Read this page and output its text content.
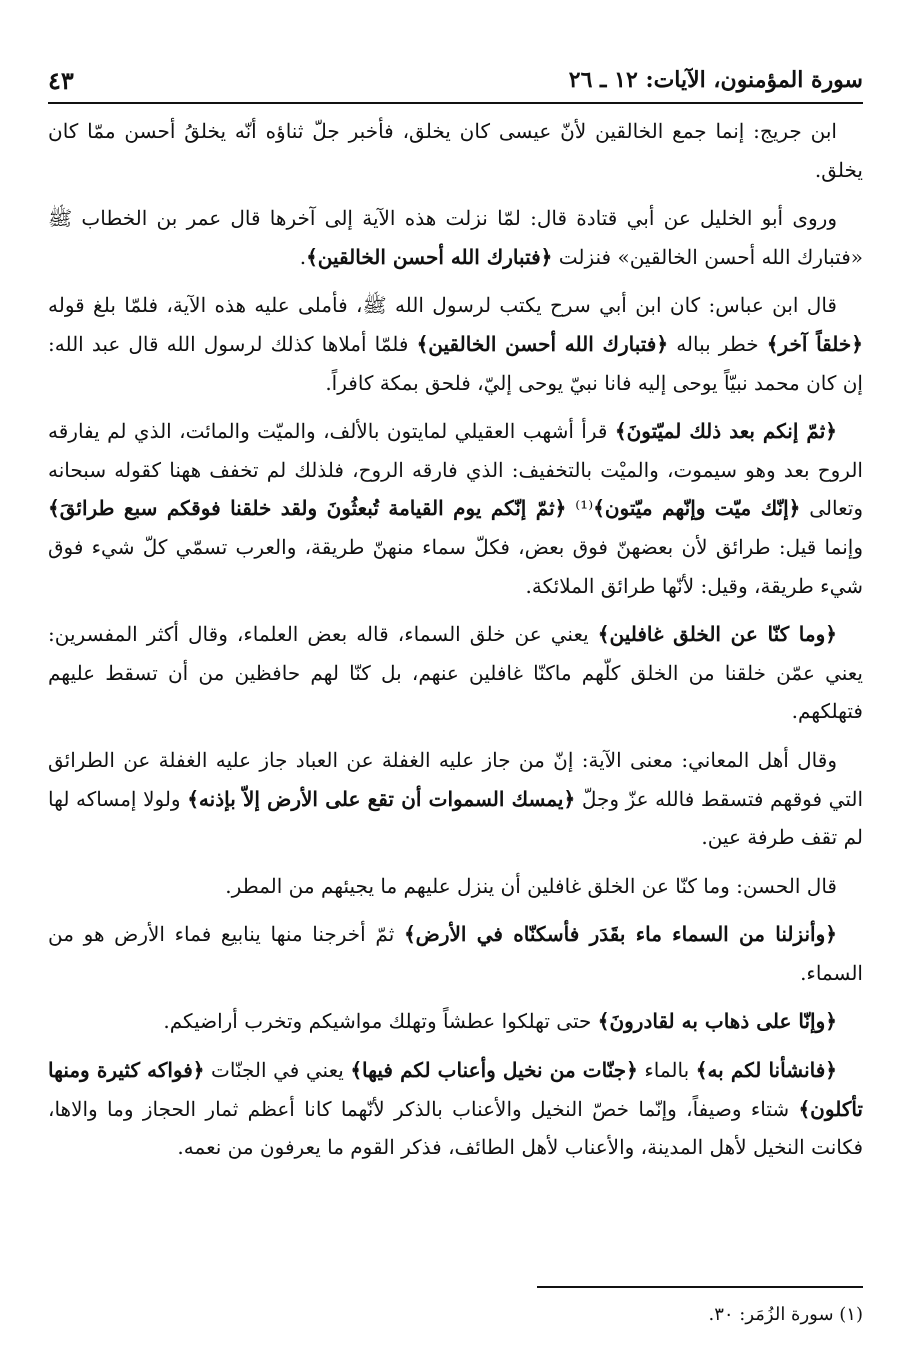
سورة المؤمنون، الآيات: ١٢ ـ ٢٦
٤٣

ابن جريج: إنما جمع الخالقين لأنّ عيسى كان يخلق، فأخبر جلّ ثناؤه أنّه يخلقُ أحسن ممّا كان يخلق.

وروى أبو الخليل عن أبي قتادة قال: لمّا نزلت هذه الآية إلى آخرها قال عمر بن الخطاب ﷺ «فتبارك الله أحسن الخالقين» فنزلت ﴿فتبارك الله أحسن الخالقين﴾.

قال ابن عباس: كان ابن أبي سرح يكتب لرسول الله ﷺ، فأملى عليه هذه الآية، فلمّا بلغ قوله ﴿خلقاً آخر﴾ خطر بباله ﴿فتبارك الله أحسن الخالقين﴾ فلمّا أملاها كذلك لرسول الله قال عبد الله: إن كان محمد نبيّاً يوحى إليه فانا نبيّ يوحى إليّ، فلحق بمكة كافراً.

﴿ثمّ إنكم بعد ذلك لميّتونَ﴾ قرأ أشهب العقيلي لمايتون بالألف، والميّت والمائت، الذي لم يفارقه الروح بعد وهو سيموت، والميْت بالتخفيف: الذي فارقه الروح، فلذلك لم تخفف ههنا كقوله سبحانه وتعالى ﴿إنّك ميّت وإنّهم ميّتون﴾⁽¹⁾ ﴿ثمّ إنّكم يوم القيامة تُبعثُونَ ولقد خلقنا فوقكم سبع طرائقَ﴾ وإنما قيل: طرائق لأن بعضهنّ فوق بعض، فكلّ سماء منهنّ طريقة، والعرب تسمّي كلّ شيء فوق شيء طريقة، وقيل: لأنّها طرائق الملائكة.

﴿وما كنّا عن الخلق غافلين﴾ يعني عن خلق السماء، قاله بعض العلماء، وقال أكثر المفسرين: يعني عمّن خلقنا من الخلق كلّهم ماكنّا غافلين عنهم، بل كنّا لهم حافظين من أن تسقط عليهم فتهلكهم.

وقال أهل المعاني: معنى الآية: إنّ من جاز عليه الغفلة عن العباد جاز عليه الغفلة عن الطرائق التي فوقهم فتسقط فالله عزّ وجلّ ﴿يمسك السموات أن تقع على الأرض إلاّ بإذنه﴾ ولولا إمساكه لها لم تقف طرفة عين.

قال الحسن: وما كنّا عن الخلق غافلين أن ينزل عليهم ما يجيئهم من المطر.

﴿وأنزلنا من السماء ماء بقَدَر فأسكنّاه في الأرض﴾ ثمّ أخرجنا منها ينابيع فماء الأرض هو من السماء.

﴿وإنّا على ذهاب به لقادرونَ﴾ حتى تهلكوا عطشاً وتهلك مواشيكم وتخرب أراضيكم.

﴿فانشأنا لكم به﴾ بالماء ﴿جنّات من نخيل وأعناب لكم فيها﴾ يعني في الجنّات ﴿فواكه كثيرة ومنها تأكلون﴾ شتاء وصيفاً، وإنّما خصّ النخيل والأعناب بالذكر لأنّهما كانا أعظم ثمار الحجاز وما والاها، فكانت النخيل لأهل المدينة، والأعناب لأهل الطائف، فذكر القوم ما يعرفون من نعمه.

(١) سورة الزُمَر: ٣٠.
